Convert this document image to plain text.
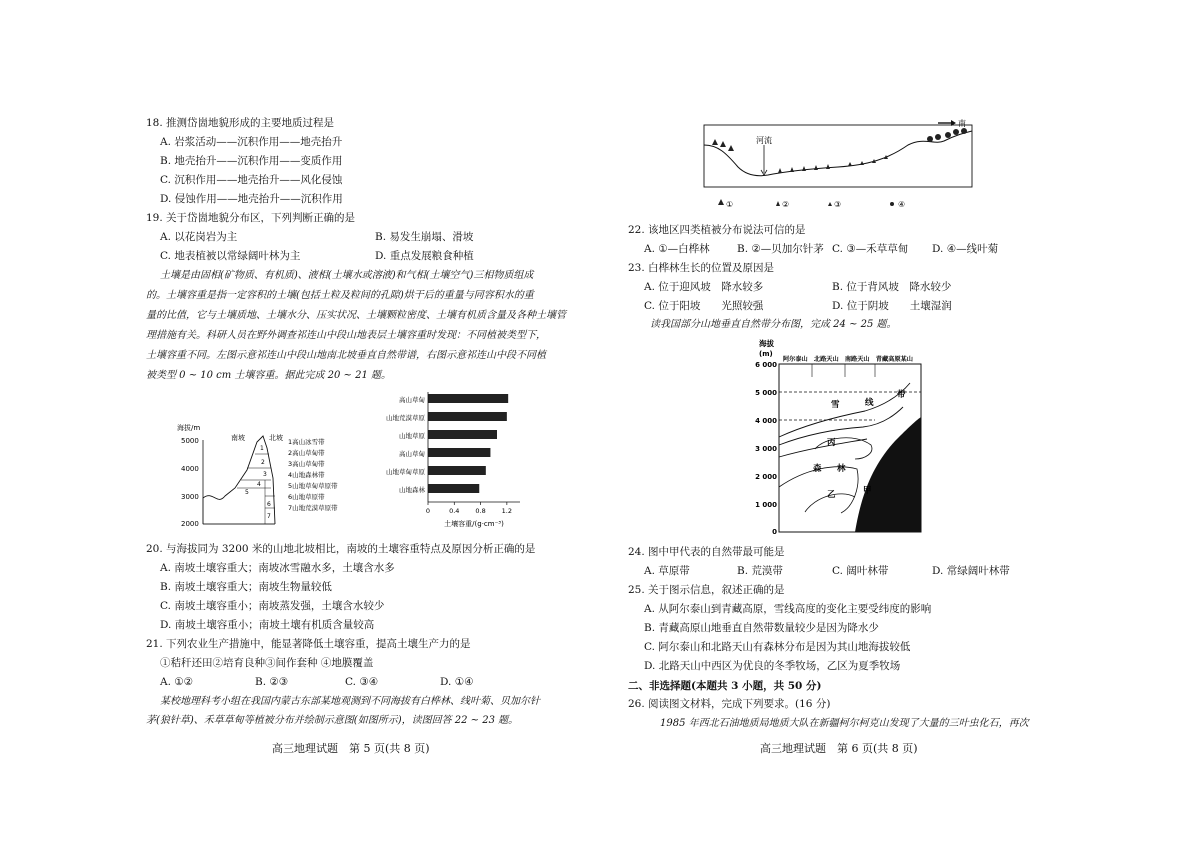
18. 推测岱崮地貌形成的主要地质过程是
A. 岩浆活动——沉积作用——地壳抬升
B. 地壳抬升——沉积作用——变质作用
C. 沉积作用——地壳抬升——风化侵蚀
D. 侵蚀作用——地壳抬升——沉积作用
19. 关于岱崮地貌分布区，下列判断正确的是
A. 以花岗岩为主	B. 易发生崩塌、滑坡
C. 地表植被以常绿阔叶林为主	D. 重点发展粮食种植
土壤是由固相(矿物质、有机质)、液相(土壤水或溶液)和气相(土壤空气)三相物质组成
的。土壤容重是指一定容积的土壤(包括土粒及粒间的孔隙)烘干后的重量与同容积水的重
量的比值，它与土壤质地、土壤水分、压实状况、土壤颗粒密度、土壤有机质含量及各种土壤管
理措施有关。科研人员在野外调查祁连山中段山地表层土壤容重时发现：不同植被类型下，
土壤容重不同。左图示意祁连山中段山地南北坡垂直自然带谱，右图示意祁连山中段不同植
被类型 0 ~ 10 cm 土壤容重。据此完成 20 ~ 21 题。
海拔/m
5000
4000
3000
2000
南坡	北坡
1
2
3
4
5
6
7
1高山冰雪带
2高山草甸带
3高山草甸带
4山地森林带
5山地草甸草原带
6山地草原带
7山地荒漠草原带
高山草甸
山地荒漠草原
山地草原
高山草甸
山地草甸草原
山地森林
0	0.4 0.8 1.2
土壤容重/(g·cm⁻³)
20. 与海拔同为 3200 米的山地北坡相比，南坡的土壤容重特点及原因分析正确的是
A. 南坡土壤容重大；南坡冰雪融水多，土壤含水多
B. 南坡土壤容重大；南坡生物量较低
C. 南坡土壤容重小；南坡蒸发强，土壤含水较少
D. 南坡土壤容重小；南坡土壤有机质含量较高
21. 下列农业生产措施中，能显著降低土壤容重，提高土壤生产力的是
①秸秆还田②培育良种③间作套种 ④地膜覆盖
A. ①②	B. ②③	C. ③④	D. ①④
某校地理科考小组在我国内蒙古东部某地观测到不同海拔有白桦林、线叶菊、贝加尔针
茅(狼针草)、禾草草甸等植被分布并绘制示意图(如图所示)，读图回答 22 ~ 23 题。
高三地理试题　第 5 页(共 8 页)
河流
南
①	②	③	④
22. 该地区四类植被分布说法可信的是
A. ①—白桦林	B. ②—贝加尔针茅 C. ③—禾草草甸 D. ④—线叶菊
23. 白桦林生长的位置及原因是
A. 位于迎风坡　降水较多	B. 位于背风坡　降水较少
C. 位于阳坡　　光照较强	D. 位于阴坡　　土壤湿润
读我国部分山地垂直自然带分布图，完成 24 ~ 25 题。
海拔
(m)
阿尔泰山　北路天山　南路天山　青藏高原某山
6 000
5 000
4 000
3 000
2 000
1 000
0
雪	线
带
丙
森 林
乙	甲
24. 图中甲代表的自然带最可能是
A. 草原带	B. 荒漠带	C. 阔叶林带	D. 常绿阔叶林带
25. 关于图示信息，叙述正确的是
A. 从阿尔泰山到青藏高原，雪线高度的变化主要受纬度的影响
B. 青藏高原山地垂直自然带数量较少是因为降水少
C. 阿尔泰山和北路天山有森林分布是因为其山地海拔较低
D. 北路天山中西区为优良的冬季牧场，乙区为夏季牧场
二、非选择题(本题共 3 小题，共 50 分)
26. 阅读图文材料，完成下列要求。(16 分)
1985 年西北石油地质局地质大队在新疆柯尔柯克山发现了大量的三叶虫化石，再次
高三地理试题　第 6 页(共 8 页)
